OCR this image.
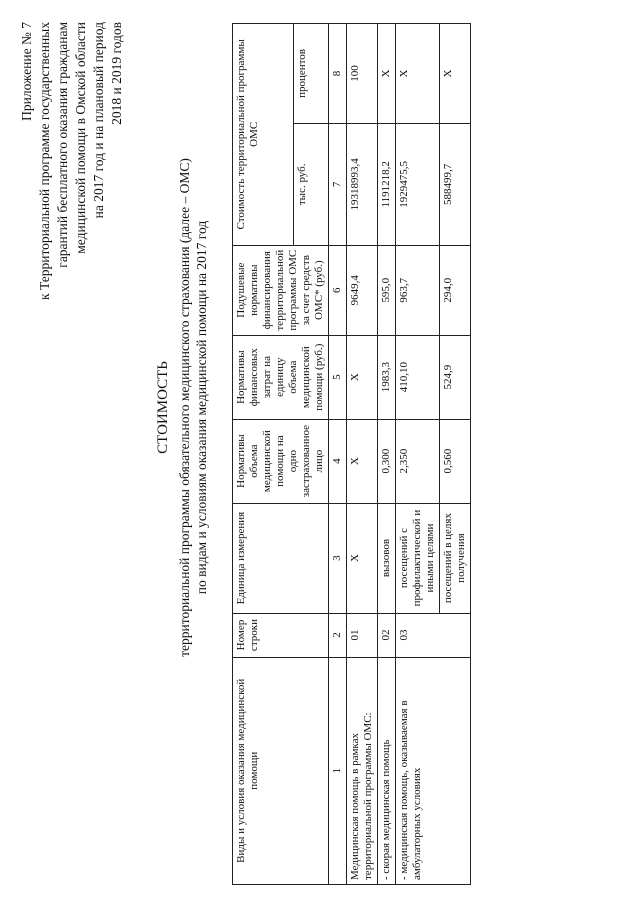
Приложение № 7 к Территориальной программе государственных гарантий бесплатного оказания гражданам медицинской помощи в Омской области на 2017 год и на плановый период 2018 и 2019 годов
СТОИМОСТЬ территориальной программы обязательного медицинского страхования (далее – ОМС) по видам и условиям оказания медицинской помощи на 2017 год
Виды и условия оказания медицинской помощи	Номер строки	Единица измерения	Нормативы объема медицинской помощи на одно застрахованное лицо	Нормативы финансовых затрат на единицу объема медицинской помощи (руб.)	Подушевые нормативы финансирования территориальной программы ОМС за счет средств ОМС* (руб.)	Стоимость территориальной программы ОМС	
						тыс. руб.	процентов
1	2	3	4	5	6	7	8
Медицинская помощь в рамках территориальной программы ОМС:	01	Х	Х	Х	9649,4	19318993,4	100
- скорая медицинская помощь	02	вызовов	0,300	1983,3	595,0	1191218,2	Х
- медицинская помощь, оказываемая в амбулаторных условиях	03	посещений с профилактической и иными целями	2,350	410,10	963,7	1929475,5	Х
		посещений в целях получения	0,560	524,9	294,0	588499,7	Х
